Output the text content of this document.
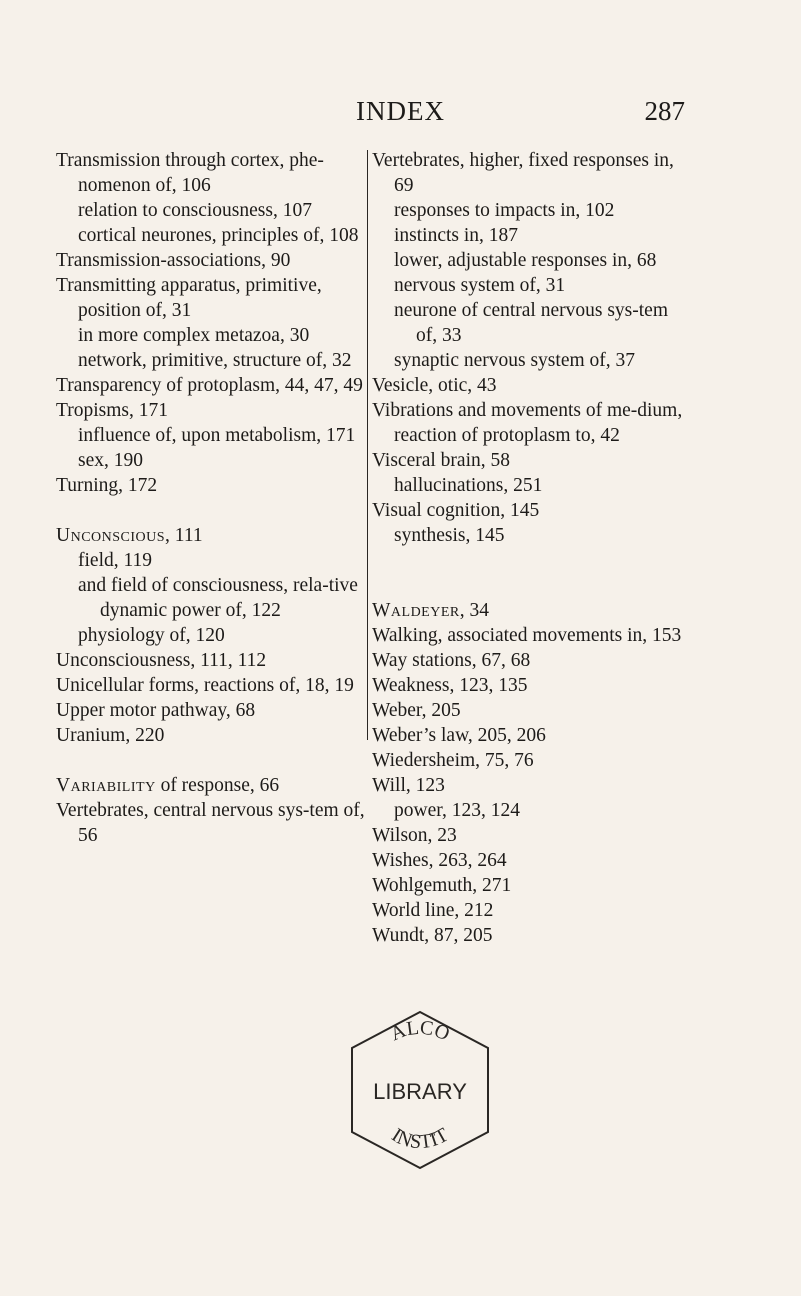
INDEX	287
Transmission through cortex, phe-nomenon of, 106
relation to consciousness, 107
cortical neurones, principles of, 108
Transmission-associations, 90
Transmitting apparatus, primitive, position of, 31
in more complex metazoa, 30
network, primitive, structure of, 32
Transparency of protoplasm, 44, 47, 49
Tropisms, 171
influence of, upon metabolism, 171
sex, 190
Turning, 172
Unconscious, 111
field, 119
and field of consciousness, rela-tive dynamic power of, 122
physiology of, 120
Unconsciousness, 111, 112
Unicellular forms, reactions of, 18, 19
Upper motor pathway, 68
Uranium, 220
Variability of response, 66
Vertebrates, central nervous sys-tem of, 56
Vertebrates, higher, fixed responses in, 69
responses to impacts in, 102
instincts in, 187
lower, adjustable responses in, 68
nervous system of, 31
neurone of central nervous sys-tem of, 33
synaptic nervous system of, 37
Vesicle, otic, 43
Vibrations and movements of me-dium, reaction of protoplasm to, 42
Visceral brain, 58
hallucinations, 251
Visual cognition, 145
synthesis, 145
Waldeyer, 34
Walking, associated movements in, 153
Way stations, 67, 68
Weakness, 123, 135
Weber, 205
Weber’s law, 205, 206
Wiedersheim, 75, 76
Will, 123
power, 123, 124
Wilson, 23
Wishes, 263, 264
Wohlgemuth, 271
World line, 212
Wundt, 87, 205
ALCO
INSTIT
LIBRARY
